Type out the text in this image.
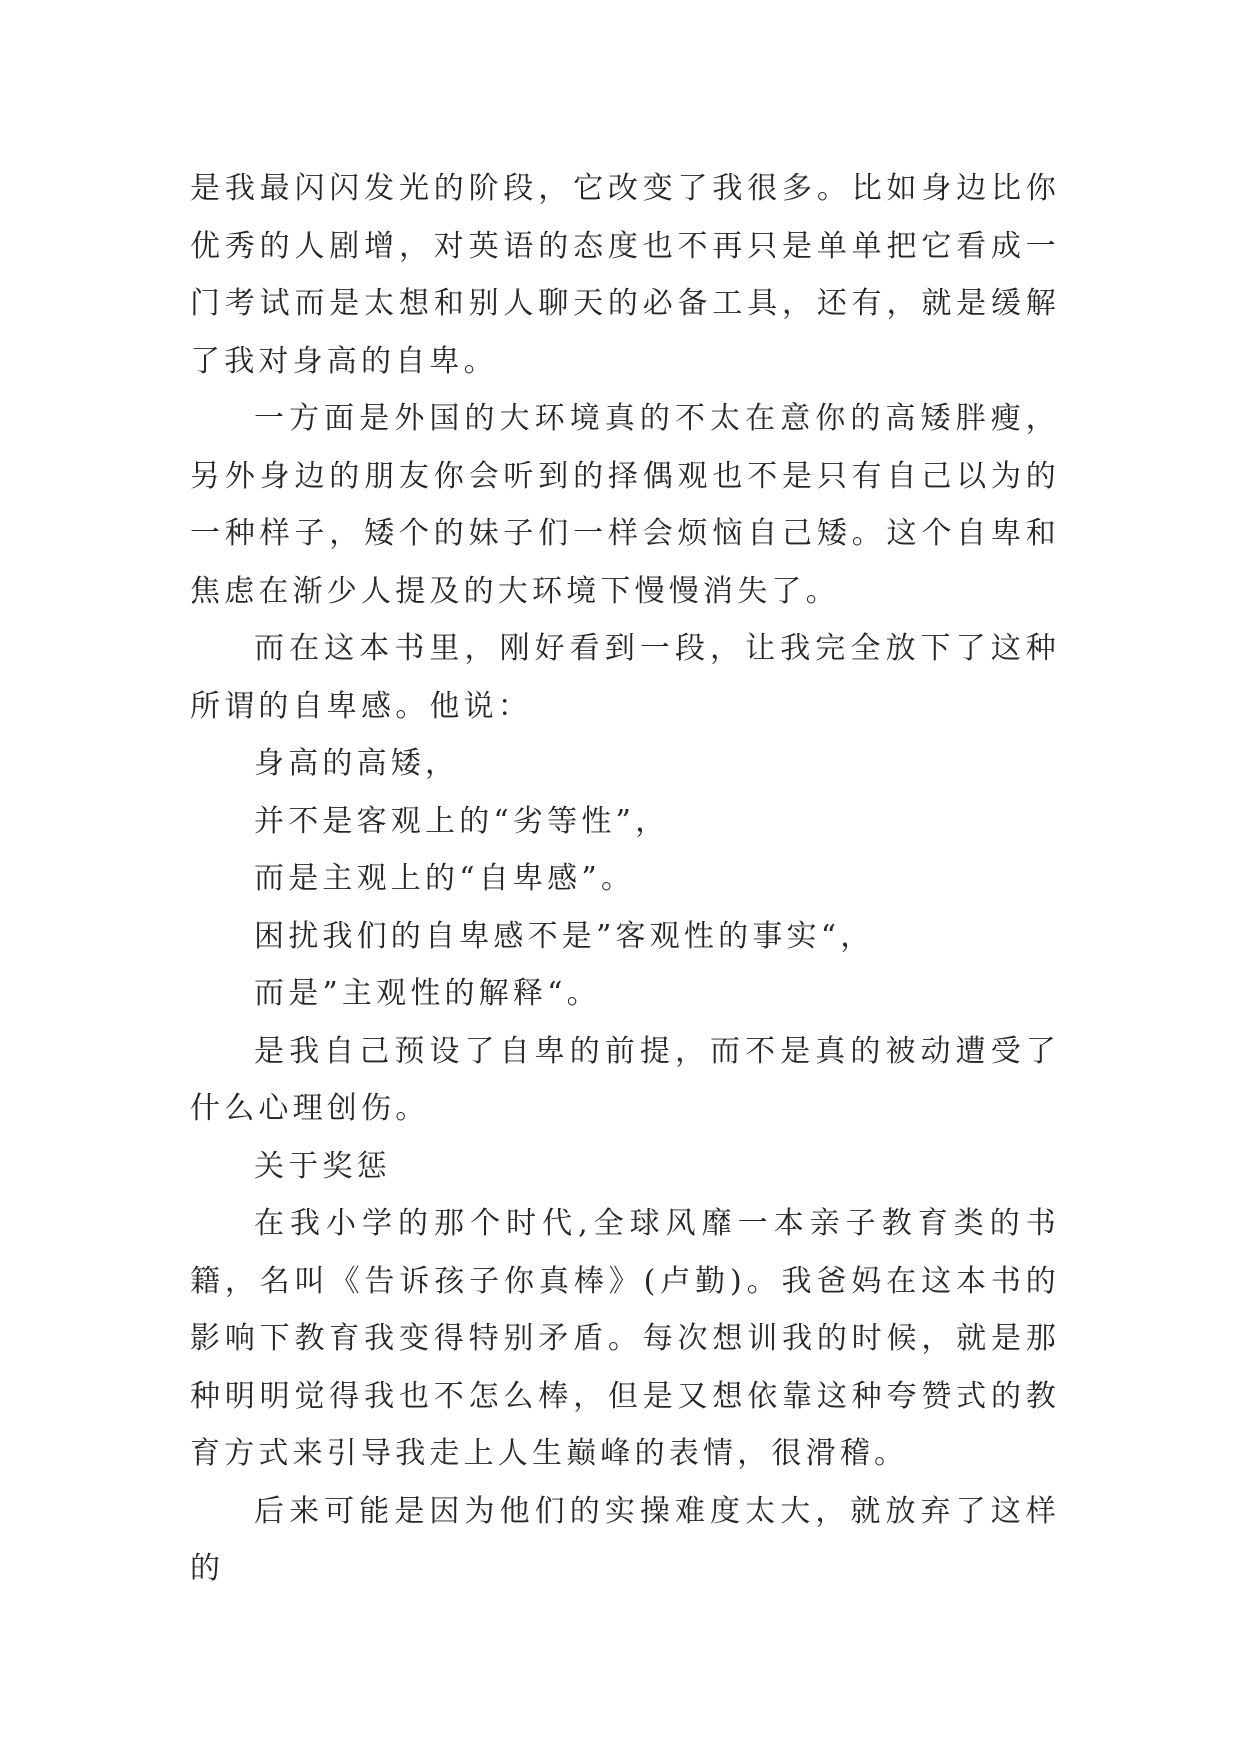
是我最闪闪发光的阶段，它改变了我很多。比如身边比你优秀的人剧增，对英语的态度也不再只是单单把它看成一门考试而是太想和别人聊天的必备工具，还有，就是缓解了我对身高的自卑。

一方面是外国的大环境真的不太在意你的高矮胖瘦，另外身边的朋友你会听到的择偶观也不是只有自己以为的一种样子，矮个的妹子们一样会烦恼自己矮。这个自卑和焦虑在渐少人提及的大环境下慢慢消失了。

而在这本书里，刚好看到一段，让我完全放下了这种所谓的自卑感。他说：

身高的高矮，

并不是客观上的“劣等性”，

而是主观上的“自卑感”。

困扰我们的自卑感不是”客观性的事实“，

而是”主观性的解释“。

是我自己预设了自卑的前提，而不是真的被动遭受了什么心理创伤。

关于奖惩

在我小学的那个时代,全球风靡一本亲子教育类的书籍，名叫《告诉孩子你真棒》(卢勤)。我爸妈在这本书的影响下教育我变得特别矛盾。每次想训我的时候，就是那种明明觉得我也不怎么棒，但是又想依靠这种夸赞式的教育方式来引导我走上人生巅峰的表情，很滑稽。

后来可能是因为他们的实操难度太大，就放弃了这样的
